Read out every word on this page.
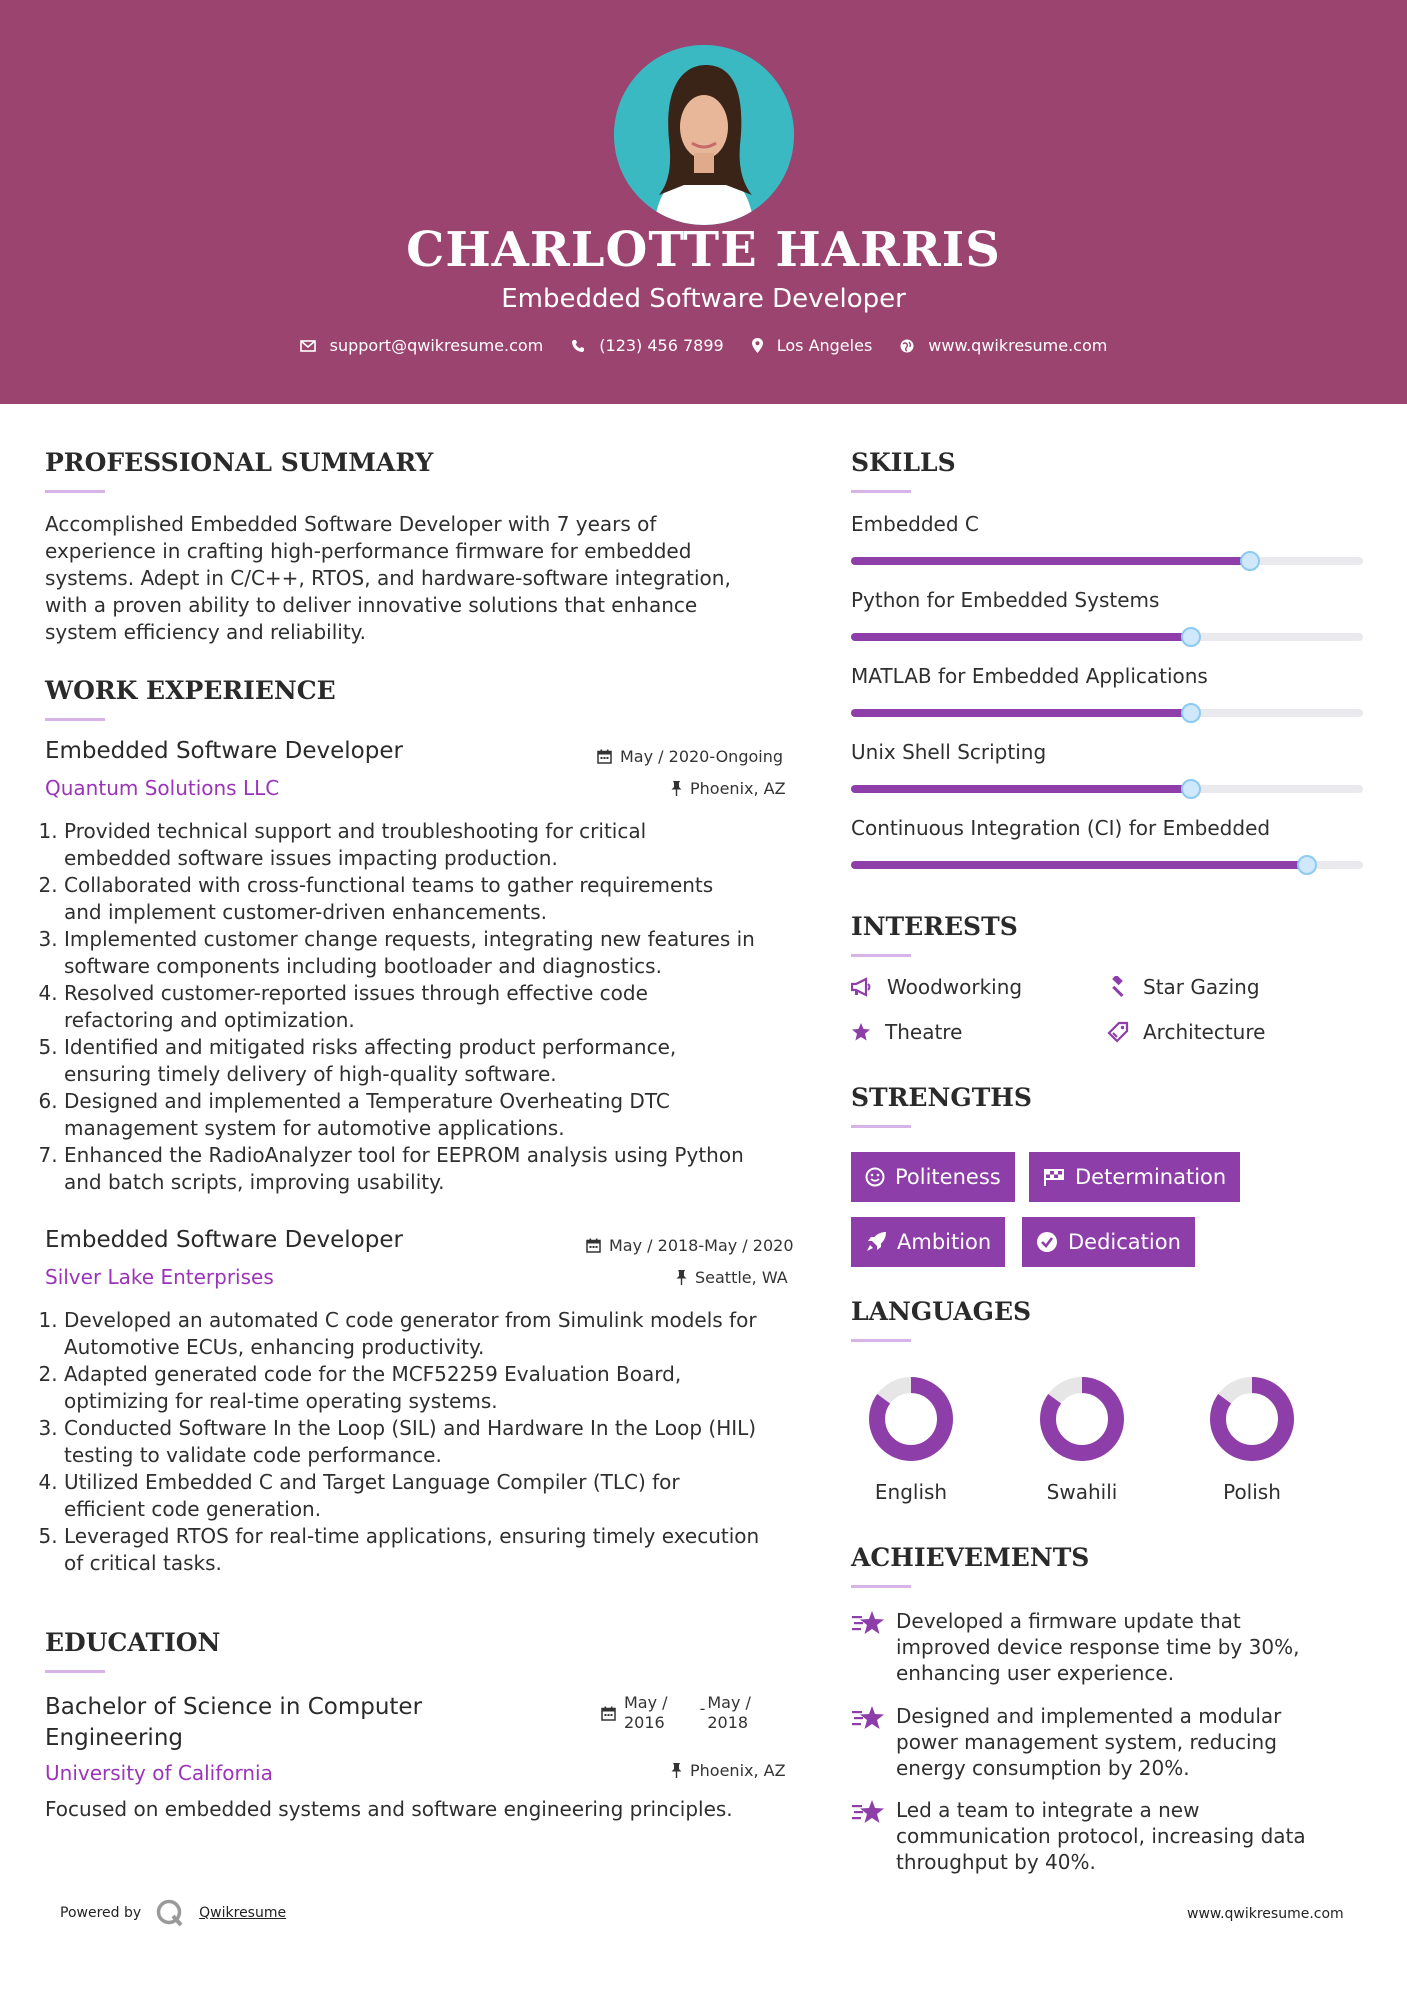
CHARLOTTE HARRIS
Embedded Software Developer
support@qwikresume.com	(123) 456 7899	Los Angeles	www.qwikresume.com
PROFESSIONAL SUMMARY
Accomplished Embedded Software Developer with 7 years of
experience in crafting high-performance firmware for embedded
systems. Adept in C/C++, RTOS, and hardware-software integration,
with a proven ability to deliver innovative solutions that enhance
system efficiency and reliability.
WORK EXPERIENCE
Embedded Software Developer
Quantum Solutions LLC
May / 2020-Ongoing
Phoenix, AZ
1. Provided technical support and troubleshooting for critical
embedded software issues impacting production.
2. Collaborated with cross-functional teams to gather requirements
and implement customer-driven enhancements.
3. Implemented customer change requests, integrating new features in
software components including bootloader and diagnostics.
4. Resolved customer-reported issues through effective code
refactoring and optimization.
5. Identified and mitigated risks affecting product performance,
ensuring timely delivery of high-quality software.
6. Designed and implemented a Temperature Overheating DTC
management system for automotive applications.
7. Enhanced the RadioAnalyzer tool for EEPROM analysis using Python
and batch scripts, improving usability.
Embedded Software Developer
Silver Lake Enterprises
May / 2018-May / 2020
Seattle, WA
1. Developed an automated C code generator from Simulink models for
Automotive ECUs, enhancing productivity.
2. Adapted generated code for the MCF52259 Evaluation Board,
optimizing for real-time operating systems.
3. Conducted Software In the Loop (SIL) and Hardware In the Loop (HIL)
testing to validate code performance.
4. Utilized Embedded C and Target Language Compiler (TLC) for
efficient code generation.
5. Leveraged RTOS for real-time applications, ensuring timely execution
of critical tasks.
EDUCATION
Bachelor of Science in Computer
Engineering
University of California
May /
2016
- May /
2018
Phoenix, AZ
Focused on embedded systems and software engineering principles.
SKILLS
Embedded C
Python for Embedded Systems
MATLAB for Embedded Applications
Unix Shell Scripting
Continuous Integration (CI) for Embedded
INTERESTS
Woodworking	Star Gazing
Theatre	Architecture
STRENGTHS
Politeness	Determination
Ambition	Dedication
LANGUAGES
English	Swahili	Polish
ACHIEVEMENTS
Developed a firmware update that
improved device response time by 30%,
enhancing user experience.
Designed and implemented a modular
power management system, reducing
energy consumption by 20%.
Led a team to integrate a new
communication protocol, increasing data
throughput by 40%.
Powered by	Qwikresume	www.qwikresume.com
